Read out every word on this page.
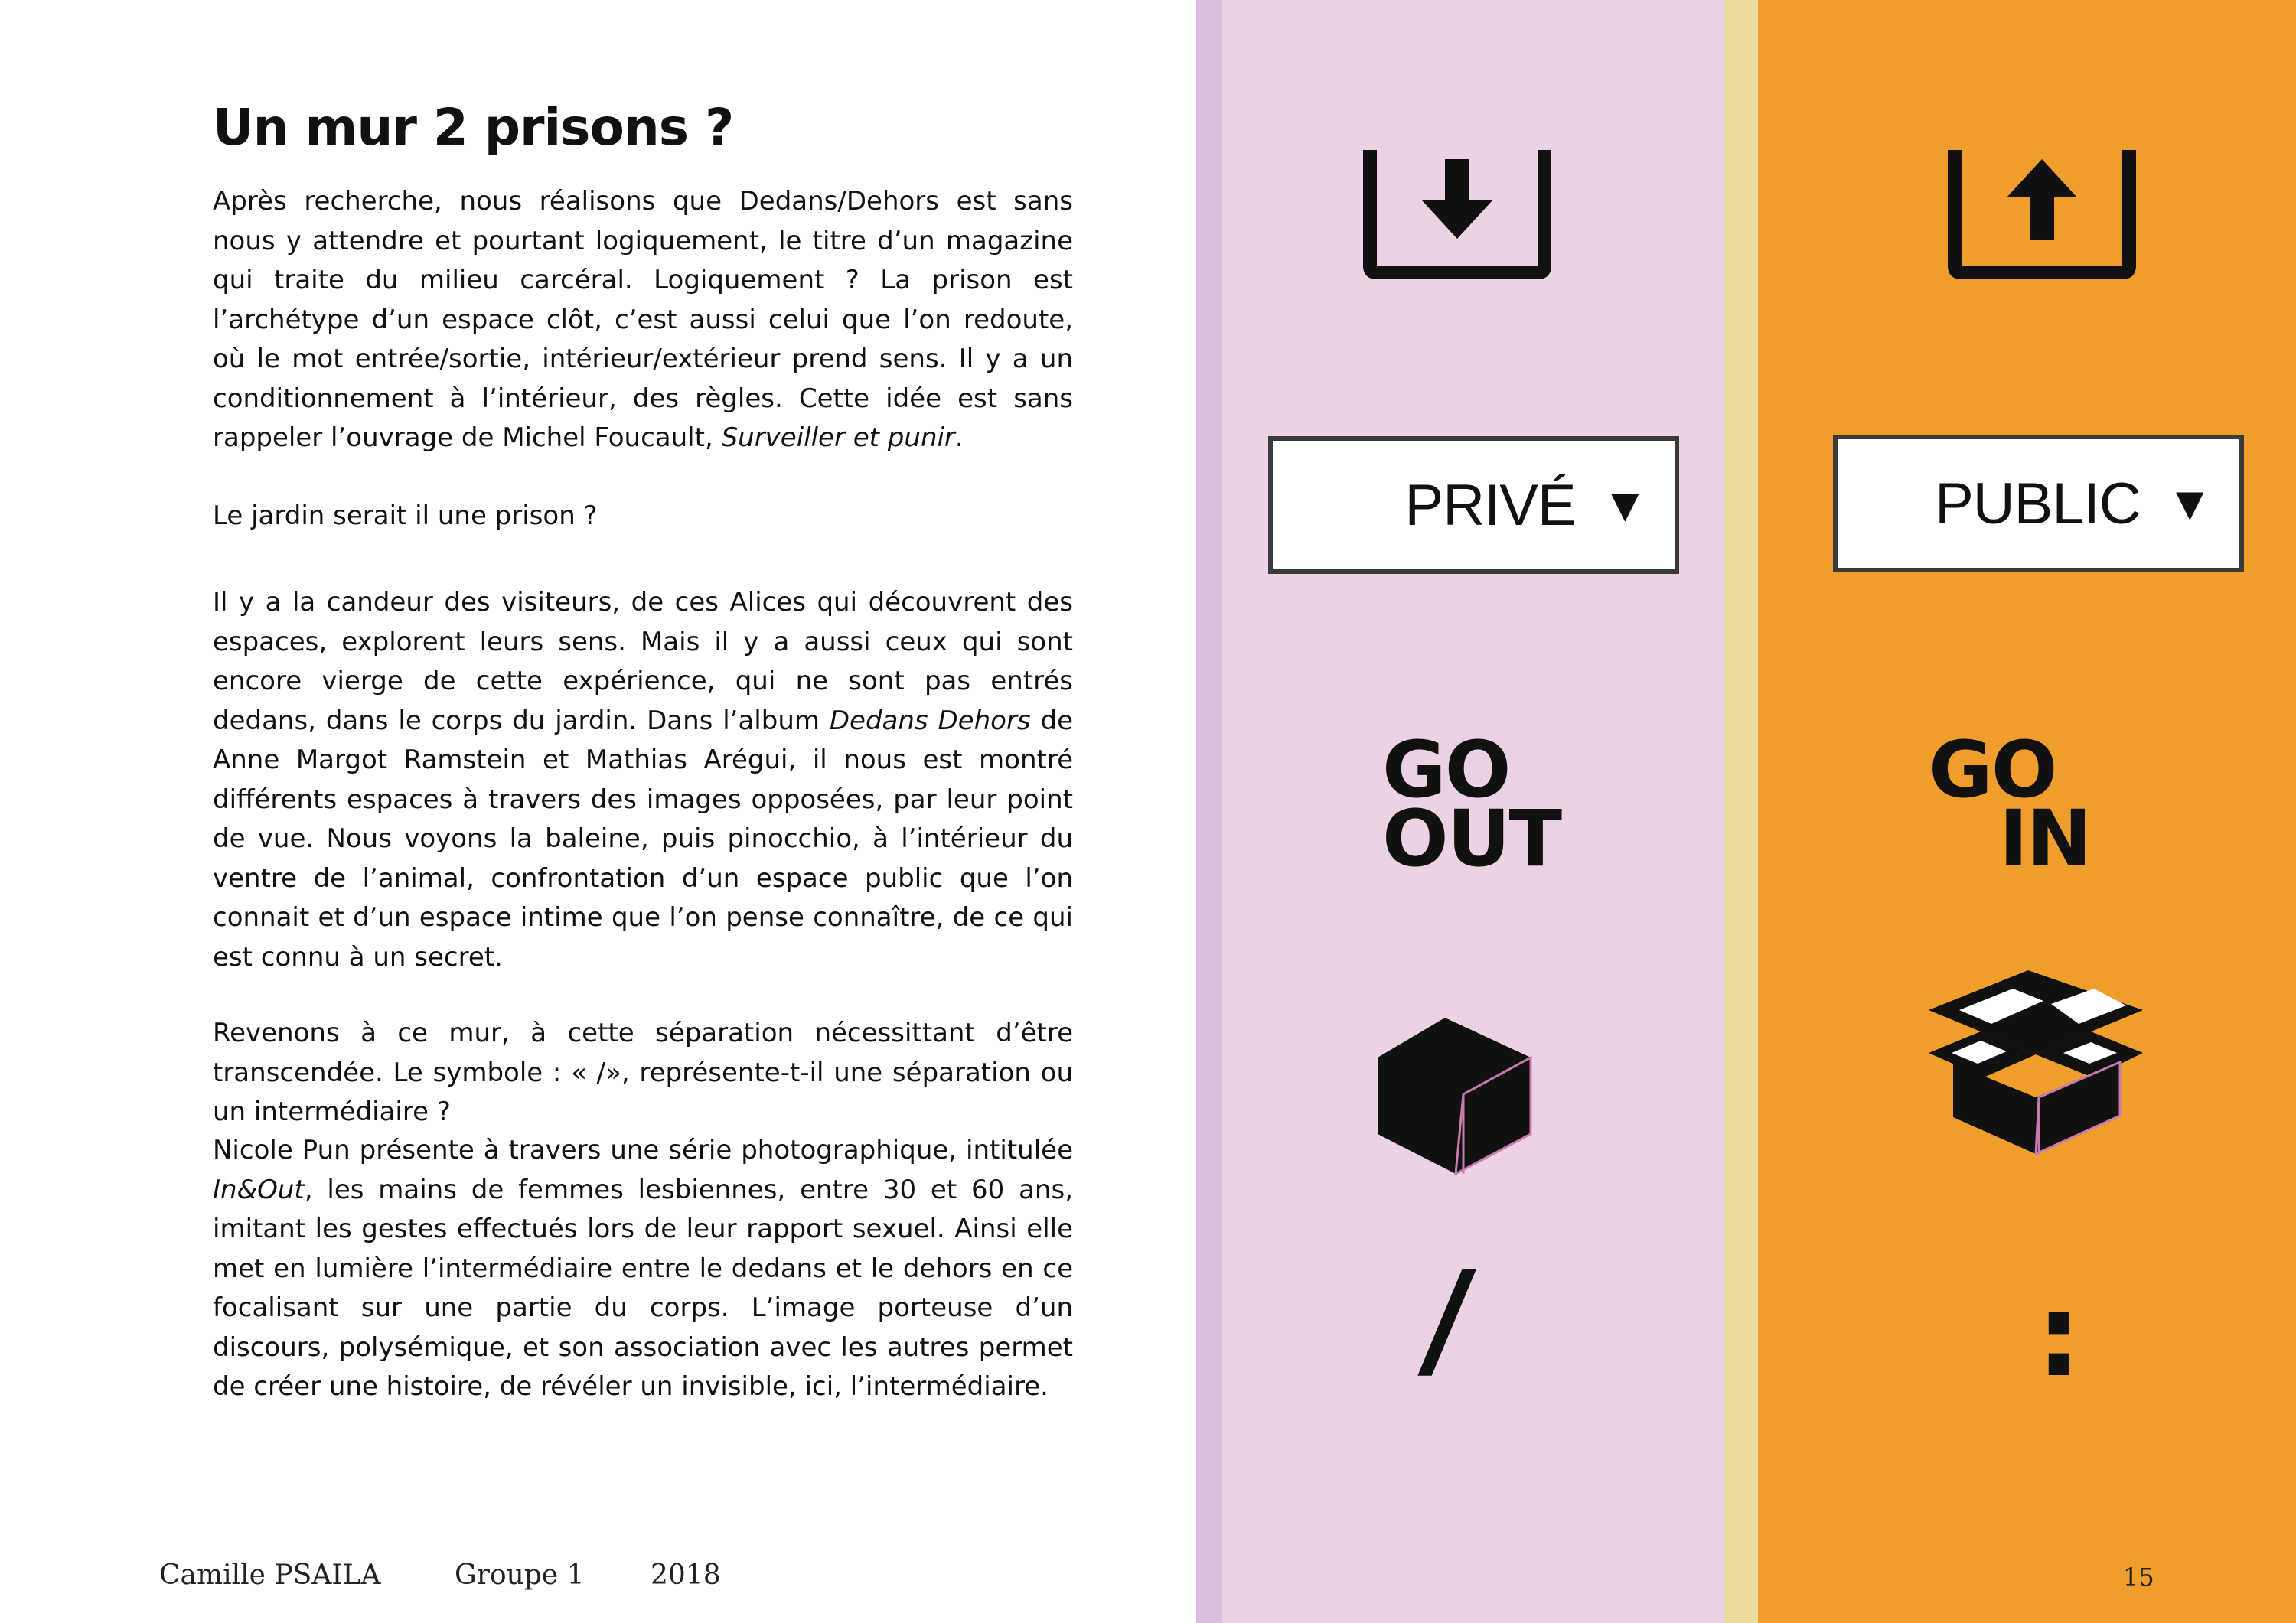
Un mur 2 prisons ?

Après recherche, nous réalisons que Dedans/Dehors est sans nous y attendre et pourtant logiquement, le titre d’un magazine qui traite du milieu carcéral. Logiquement ? La prison est l’archétype d’un espace clôt, c’est aussi celui que l’on redoute, où le mot entrée/sortie, intérieur/extérieur prend sens. Il y a un conditionnement à l’intérieur, des règles. Cette idée est sans rappeler l’ouvrage de Michel Foucault, Surveiller et punir.

Le jardin serait il une prison ?

Il y a la candeur des visiteurs, de ces Alices qui découvrent des espaces, explorent leurs sens. Mais il y a aussi ceux qui sont encore vierge de cette expérience, qui ne sont pas entrés dedans, dans le corps du jardin. Dans l’album Dedans Dehors de Anne Margot Ramstein et Mathias Arégui, il nous est montré différents espaces à travers des images opposées, par leur point de vue. Nous voyons la baleine, puis pinocchio, à l’intérieur du ventre de l’animal, confrontation d’un espace public que l’on connait et d’un espace intime que l’on pense connaître, de ce qui est connu à un secret.

Revenons à ce mur, à cette séparation nécessittant d’être transcendée. Le symbole : « /», représente-t-il une séparation ou un intermédiaire ?

Nicole Pun présente à travers une série photographique, intitulée In&Out, les mains de femmes lesbiennes, entre 30 et 60 ans, imitant les gestes effectués lors de leur rapport sexuel. Ainsi elle met en lumière l’intermédiaire entre le dedans et le dehors en ce focalisant sur une partie du corps. L’image porteuse d’un discours, polysémique, et son association avec les autres permet de créer une histoire, de révéler un invisible, ici, l’intermédiaire.

Camille PSAILA	Groupe 1 2018
PRIVÉ ▼	PUBLIC ▼
GO
OUT
GO
IN
/	:
15
